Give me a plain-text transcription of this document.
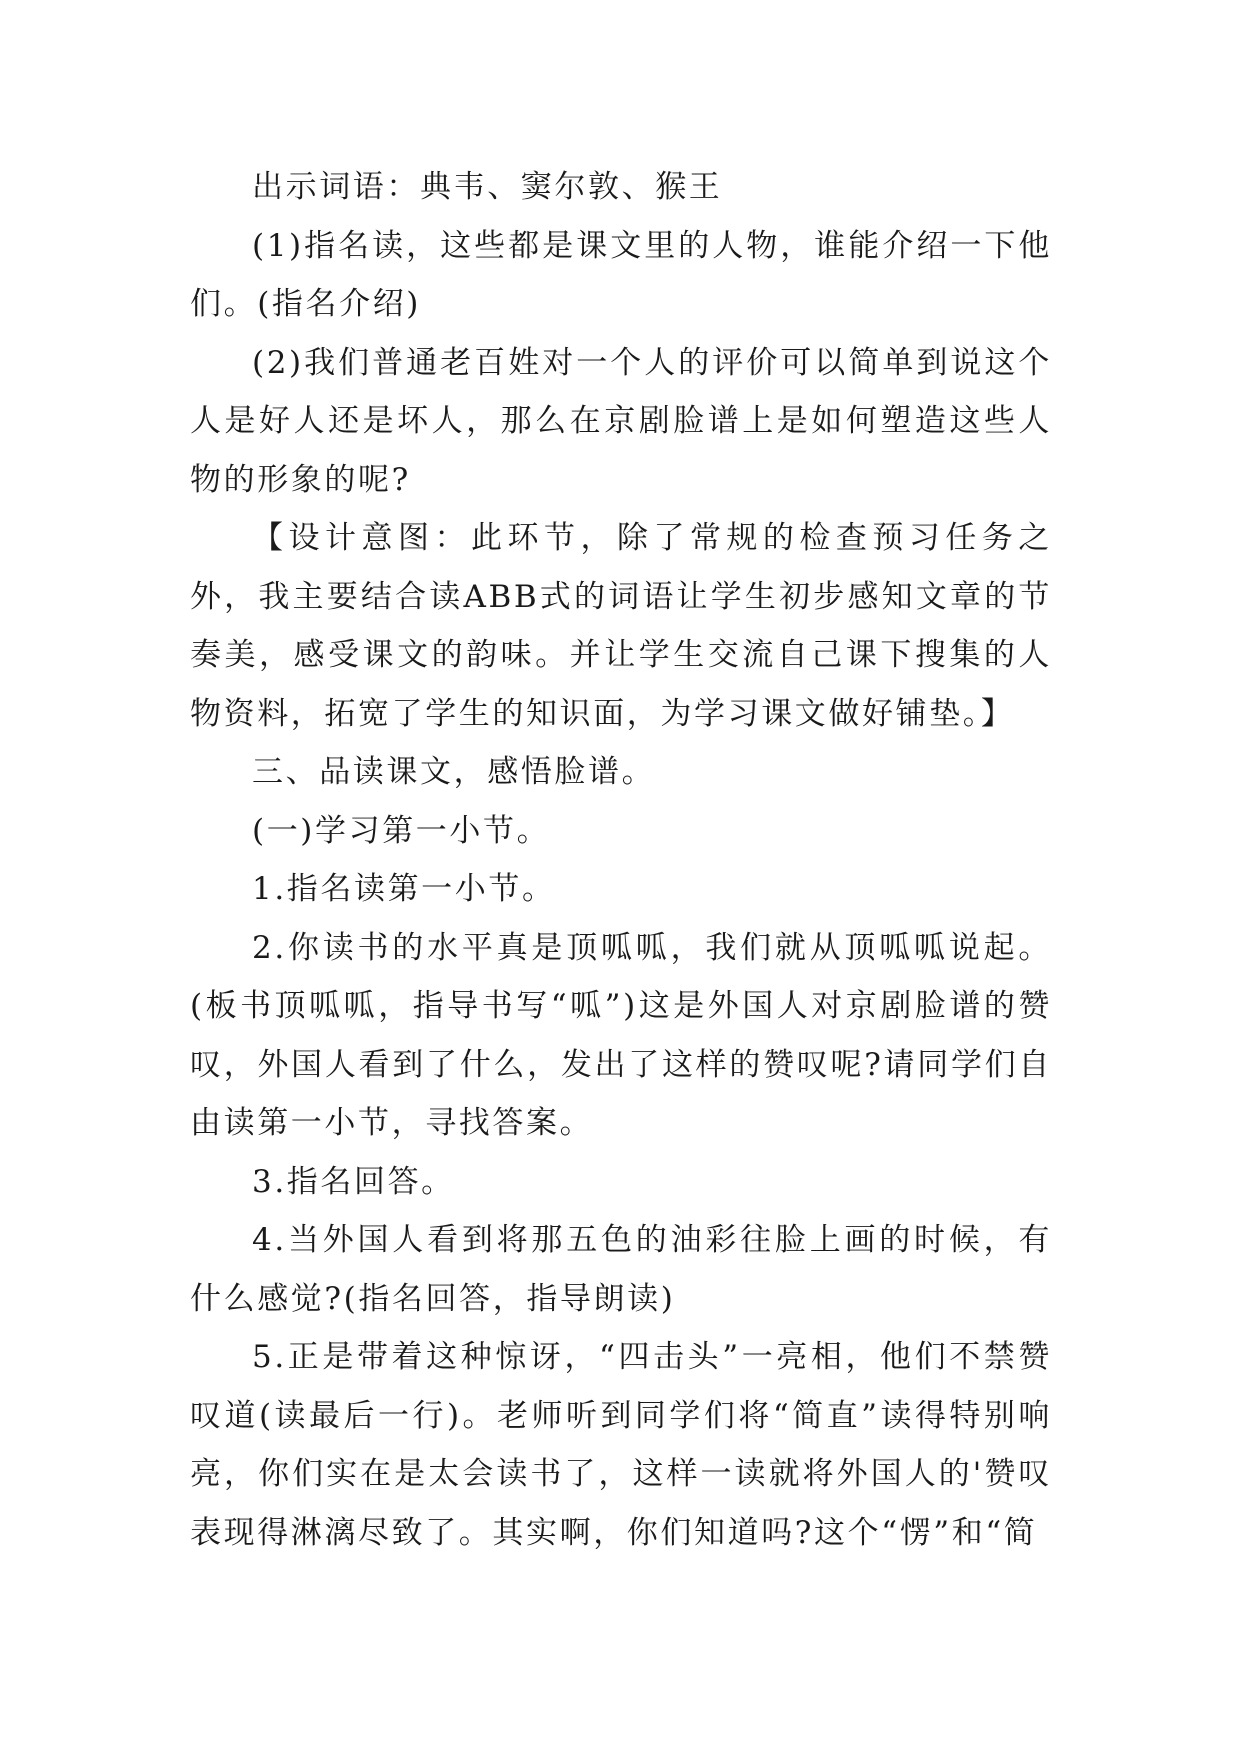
出示词语：典韦、窦尔敦、猴王

(1)指名读，这些都是课文里的人物，谁能介绍一下他们。(指名介绍)

(2)我们普通老百姓对一个人的评价可以简单到说这个人是好人还是坏人，那么在京剧脸谱上是如何塑造这些人物的形象的呢?

【设计意图：此环节，除了常规的检查预习任务之外，我主要结合读ABB式的词语让学生初步感知文章的节奏美，感受课文的韵味。并让学生交流自己课下搜集的人物资料，拓宽了学生的知识面，为学习课文做好铺垫。】

三、品读课文，感悟脸谱。

(一)学习第一小节。

1.指名读第一小节。

2.你读书的水平真是顶呱呱，我们就从顶呱呱说起。(板书顶呱呱，指导书写“呱”)这是外国人对京剧脸谱的赞叹，外国人看到了什么，发出了这样的赞叹呢?请同学们自由读第一小节，寻找答案。

3.指名回答。

4.当外国人看到将那五色的油彩往脸上画的时候，有什么感觉?(指名回答，指导朗读)

5.正是带着这种惊讶，“四击头”一亮相，他们不禁赞叹道(读最后一行)。老师听到同学们将“简直”读得特别响亮，你们实在是太会读书了，这样一读就将外国人的'赞叹表现得淋漓尽致了。其实啊，你们知道吗?这个“愣”和“简
